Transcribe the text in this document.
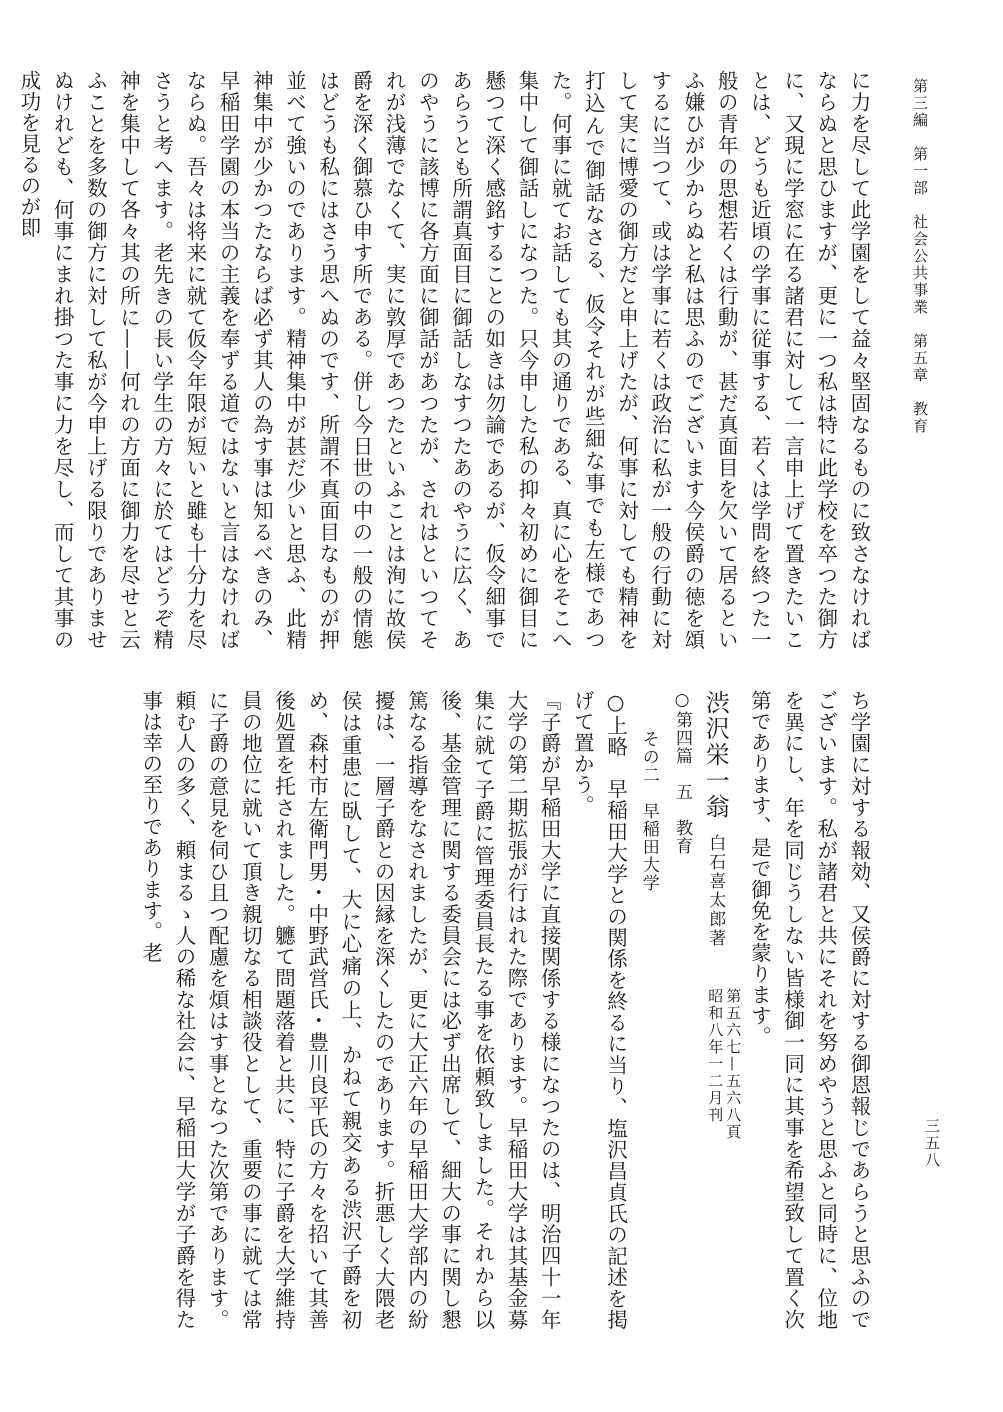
第三編　第一部　社会公共事業　第五章　教育
三五八

に力を尽して此学園をして益々堅固なるものに致さなければならぬと思ひますが、更に一つ私は特に此学校を卒つた御方に、又現に学窓に在る諸君に対して一言申上げて置きたいことは、どうも近頃の学事に従事する、若くは学問を終つた一般の青年の思想若くは行動が、甚だ真面目を欠いて居るといふ嫌ひが少からぬと私は思ふのでございます今侯爵の徳を頌するに当つて、或は学事に若くは政治に私が一般の行動に対して実に博愛の御方だと申上げたが、何事に対しても精神を打込んで御話なさる、仮令それが些細な事でも左様であつた。何事に就てお話しても其の通りである、真に心をそこへ集中して御話しになつた。只今申した私の抑々初めに御目に懸つて深く感銘することの如きは勿論であるが、仮令細事であらうとも所謂真面目に御話しなすつたあのやうに広く、あのやうに該博に各方面に御話があつたが、されはといつてそれが浅薄でなくて、実に敦厚であつたといふことは洵に故侯爵を深く御慕ひ申す所である。併し今日世の中の一般の情態はどうも私にはさう思へぬのです、所謂不真面目なものが押並べて強いのであります。精神集中が甚だ少いと思ふ、此精神集中が少かつたならば必ず其人の為す事は知るべきのみ、早稲田学園の本当の主義を奉ずる道ではないと言はなければならぬ。吾々は将来に就て仮令年限が短いと雖も十分力を尽さうと考へます。老先きの長い学生の方々に於てはどうぞ精神を集中して各々其の所に——何れの方面に御力を尽せと云ふことを多数の御方に対して私が今申上げる限りでありませぬけれども、何事にまれ掛つた事に力を尽し、而して其事の成功を見るのが即

ち学園に対する報効、又侯爵に対する御恩報じであらうと思ふのでございます。私が諸君と共にそれを努めやうと思ふと同時に、位地を異にし、年を同じうしない皆様御一同に其事を希望致して置く次第であります、是で御免を蒙ります。
渋沢栄一翁白石喜太郎著
第五六七—五六八頁
昭和八年一二月刊
○第四篇　五　教育
その二　早稲田大学
○上略　早稲田大学との関係を終るに当り、塩沢昌貞氏の記述を掲げて置かう。
『子爵が早稲田大学に直接関係する様になつたのは、明治四十一年大学の第二期拡張が行はれた際であります。早稲田大学は其基金募集に就て子爵に管理委員長たる事を依頼致しました。それから以後、基金管理に関する委員会には必ず出席して、細大の事に関し懇篤なる指導をなされましたが、更に大正六年の早稲田大学部内の紛擾は、一層子爵との因縁を深くしたのであります。折悪しく大隈老侯は重患に臥して、大に心痛の上、かねて親交ある渋沢子爵を初め、森村市左衛門男・中野武営氏・豊川良平氏の方々を招いて其善後処置を托されました。軈て問題落着と共に、特に子爵を大学維持員の地位に就いて頂き親切なる相談役として、重要の事に就ては常に子爵の意見を伺ひ且つ配慮を煩はす事となつた次第であります。頼む人の多く、頼まるゝ人の稀な社会に、早稲田大学が子爵を得た事は幸の至りであります。老
